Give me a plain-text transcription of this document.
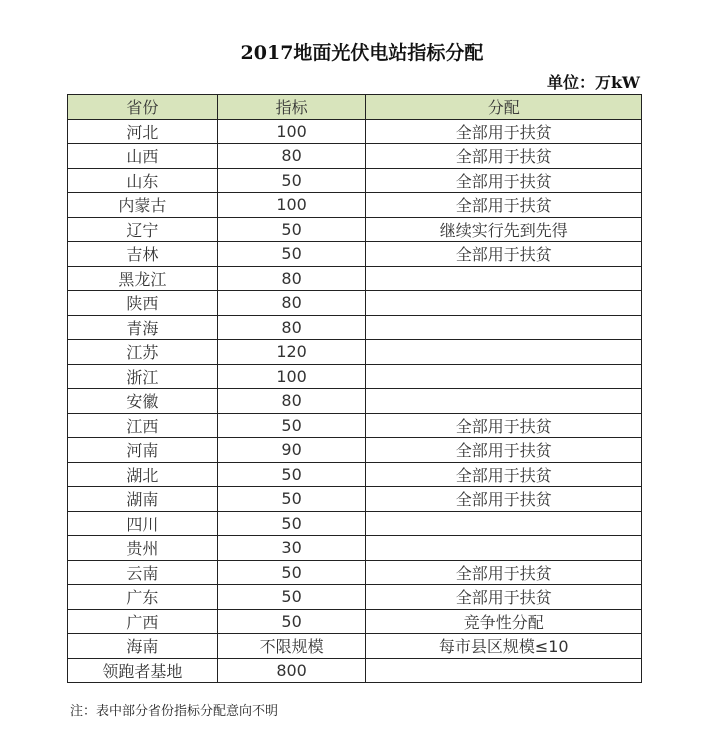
2017地面光伏电站指标分配
单位：万kW
省份	指标	分配
河北	100	全部用于扶贫
山西	80	全部用于扶贫
山东	50	全部用于扶贫
内蒙古	100	全部用于扶贫
辽宁	50	继续实行先到先得
吉林	50	全部用于扶贫
黑龙江	80	
陕西	80	
青海	80	
江苏	120	
浙江	100	
安徽	80	
江西	50	全部用于扶贫
河南	90	全部用于扶贫
湖北	50	全部用于扶贫
湖南	50	全部用于扶贫
四川	50	
贵州	30	
云南	50	全部用于扶贫
广东	50	全部用于扶贫
广西	50	竞争性分配
海南	不限规模	每市县区规模≤10
领跑者基地	800	
注：表中部分省份指标分配意向不明
